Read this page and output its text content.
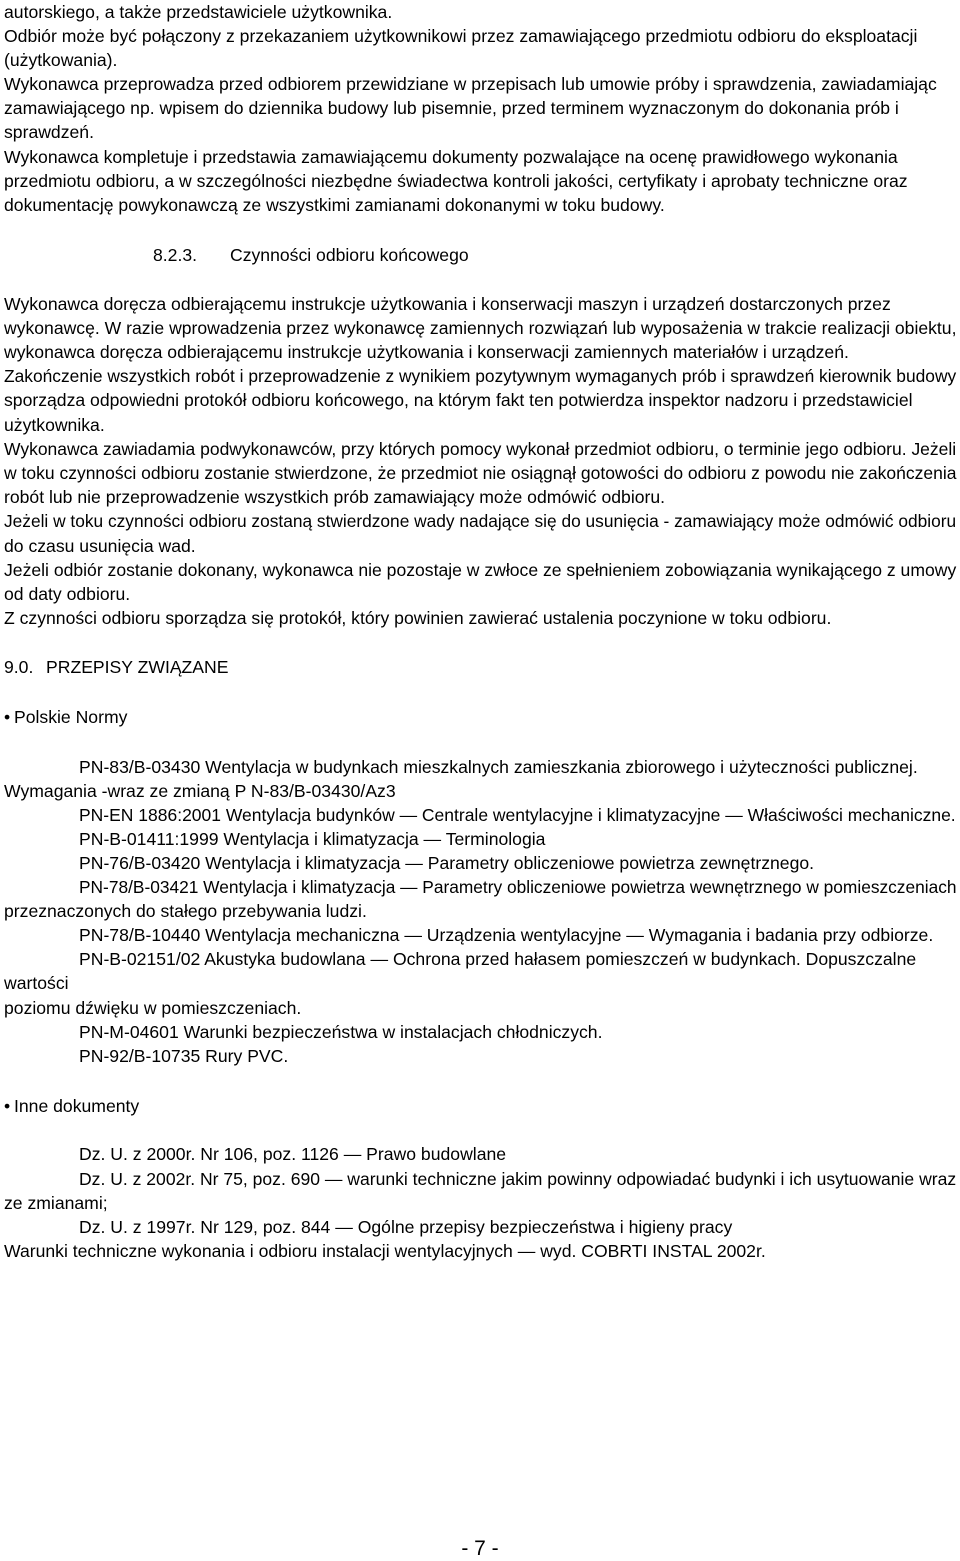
autorskiego, a także przedstawiciele użytkownika.

Odbiór może być połączony z przekazaniem użytkownikowi przez zamawiającego przedmiotu odbioru do eksploatacji

(użytkowania).

Wykonawca przeprowadza przed odbiorem przewidziane w przepisach lub umowie próby i sprawdzenia, zawiadamiając

zamawiającego np. wpisem do dziennika budowy lub pisemnie, przed terminem wyznaczonym do dokonania prób i

sprawdzeń.

Wykonawca kompletuje i przedstawia zamawiającemu dokumenty pozwalające na ocenę prawidłowego wykonania

przedmiotu odbioru, a w szczególności niezbędne świadectwa kontroli jakości, certyfikaty i aprobaty techniczne oraz

dokumentację powykonawczą ze wszystkimi zamianami dokonanymi w toku budowy.

8.2.3. Czynności odbioru końcowego

Wykonawca doręcza odbierającemu instrukcje użytkowania i konserwacji maszyn i urządzeń dostarczonych przez

wykonawcę. W razie wprowadzenia przez wykonawcę zamiennych rozwiązań lub wyposażenia w trakcie realizacji obiektu,

wykonawca doręcza odbierającemu instrukcje użytkowania i konserwacji zamiennych materiałów i urządzeń.

Zakończenie wszystkich robót i przeprowadzenie z wynikiem pozytywnym wymaganych prób i sprawdzeń kierownik budowy

sporządza odpowiedni protokół odbioru końcowego, na którym fakt ten potwierdza inspektor nadzoru i przedstawiciel

użytkownika.

Wykonawca zawiadamia podwykonawców, przy których pomocy wykonał przedmiot odbioru, o terminie jego odbioru. Jeżeli

w toku czynności odbioru zostanie stwierdzone, że przedmiot nie osiągnął gotowości do odbioru z powodu nie zakończenia

robót lub nie przeprowadzenie wszystkich prób zamawiający może odmówić odbioru.

Jeżeli w toku czynności odbioru zostaną stwierdzone wady nadające się do usunięcia - zamawiający może odmówić odbioru

do czasu usunięcia wad.

Jeżeli odbiór zostanie dokonany, wykonawca nie pozostaje w zwłoce ze spełnieniem zobowiązania wynikającego z umowy

od daty odbioru.

Z czynności odbioru sporządza się protokół, który powinien zawierać ustalenia poczynione w toku odbioru.

9.0. PRZEPISY ZWIĄZANE

• Polskie Normy

PN-83/B-03430 Wentylacja w budynkach mieszkalnych zamieszkania zbiorowego i użyteczności publicznej.

Wymagania -wraz ze zmianą P N-83/B-03430/Az3

PN-EN 1886:2001 Wentylacja budynków — Centrale wentylacyjne i klimatyzacyjne — Właściwości mechaniczne.

PN-B-01411:1999 Wentylacja i klimatyzacja — Terminologia

PN-76/B-03420 Wentylacja i klimatyzacja — Parametry obliczeniowe powietrza zewnętrznego.

PN-78/B-03421 Wentylacja i klimatyzacja — Parametry obliczeniowe powietrza wewnętrznego w pomieszczeniach

przeznaczonych do stałego przebywania ludzi.

PN-78/B-10440 Wentylacja mechaniczna — Urządzenia wentylacyjne — Wymagania i badania przy odbiorze.

PN-B-02151/02 Akustyka budowlana — Ochrona przed hałasem pomieszczeń w budynkach. Dopuszczalne

wartości

poziomu dźwięku w pomieszczeniach.

PN-M-04601 Warunki bezpieczeństwa w instalacjach chłodniczych.

PN-92/B-10735 Rury PVC.

• Inne dokumenty

Dz. U. z 2000r. Nr 106, poz. 1126 — Prawo budowlane

Dz. U. z 2002r. Nr 75, poz. 690 — warunki techniczne jakim powinny odpowiadać budynki i ich usytuowanie wraz

ze zmianami;

Dz. U. z 1997r. Nr 129, poz. 844 — Ogólne przepisy bezpieczeństwa i higieny pracy

Warunki techniczne wykonania i odbioru instalacji wentylacyjnych — wyd. COBRTI INSTAL 2002r.

- 7 -
